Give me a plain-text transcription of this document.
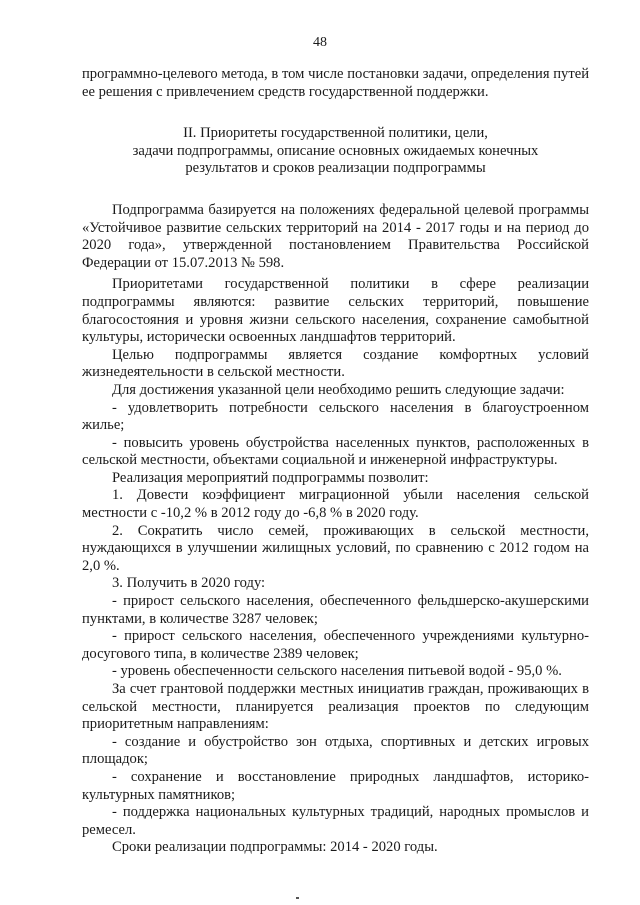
48

программно-целевого метода, в том числе постановки задачи, определения путей ее решения с привлечением средств государственной поддержки.

II. Приоритеты государственной политики, цели,
задачи подпрограммы, описание основных ожидаемых конечных
результатов и сроков реализации подпрограммы

Подпрограмма базируется на положениях федеральной целевой программы «Устойчивое развитие сельских территорий на 2014 - 2017 годы и на период до 2020 года», утвержденной постановлением Правительства Российской Федерации от 15.07.2013 № 598.

Приоритетами государственной политики в сфере реализации подпрограммы являются: развитие сельских территорий, повышение благосостояния и уровня жизни сельского населения, сохранение самобытной культуры, исторически освоенных ландшафтов территорий.

Целью подпрограммы является создание комфортных условий жизнедеятельности в сельской местности.

Для достижения указанной цели необходимо решить следующие задачи:

- удовлетворить потребности сельского населения в благоустроенном жилье;

- повысить уровень обустройства населенных пунктов, расположенных в сельской местности, объектами социальной и инженерной инфраструктуры.

Реализация мероприятий подпрограммы позволит:

1. Довести коэффициент миграционной убыли населения сельской местности с -10,2 % в 2012 году до -6,8 % в 2020 году.

2. Сократить число семей, проживающих в сельской местности, нуждающихся в улучшении жилищных условий, по сравнению с 2012 годом на 2,0 %.

3. Получить в 2020 году:

- прирост сельского населения, обеспеченного фельдшерско-акушерскими пунктами, в количестве 3287 человек;

- прирост сельского населения, обеспеченного учреждениями культурно-досугового типа, в количестве 2389 человек;

- уровень обеспеченности сельского населения питьевой водой - 95,0 %.

За счет грантовой поддержки местных инициатив граждан, проживающих в сельской местности, планируется реализация проектов по следующим приоритетным направлениям:

- создание и обустройство зон отдыха, спортивных и детских игровых площадок;

- сохранение и восстановление природных ландшафтов, историко-культурных памятников;

- поддержка национальных культурных традиций, народных промыслов и ремесел.

Сроки реализации подпрограммы: 2014 - 2020 годы.
